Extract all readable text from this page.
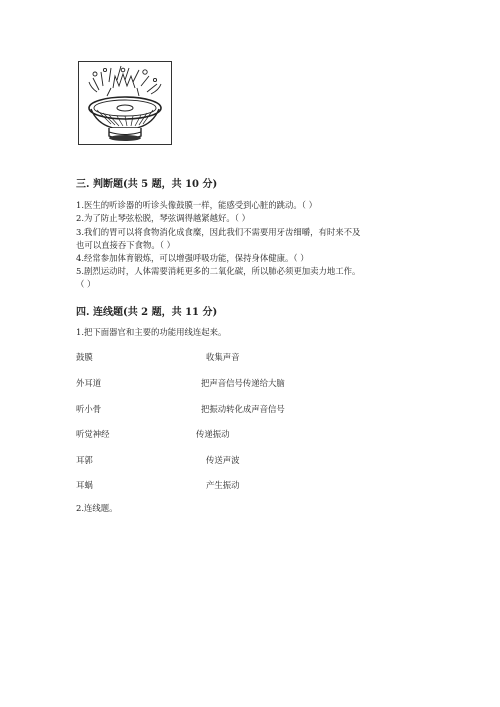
三. 判断题(共 5 题，共 10 分)
1.医生的听诊器的听诊头像鼓膜一样，能感受到心脏的跳动。（ ）
2.为了防止琴弦松脱，琴弦调得越紧越好。（ ）
3.我们的胃可以将食物消化成食糜，因此我们不需要用牙齿细嚼，有时来不及
也可以直接吞下食物。（ ）
4.经常参加体育锻炼，可以增强呼吸功能，保持身体健康。（ ）
5.剧烈运动时，人体需要消耗更多的二氧化碳，所以肺必须更加卖力地工作。
（ ）
四. 连线题(共 2 题，共 11 分)
1.把下面器官和主要的功能用线连起来。
鼓膜	收集声音
外耳道	把声音信号传递给大脑
听小骨	把振动转化成声音信号
听觉神经	传递振动
耳郭	传送声波
耳蜗	产生振动
2.连线题。
